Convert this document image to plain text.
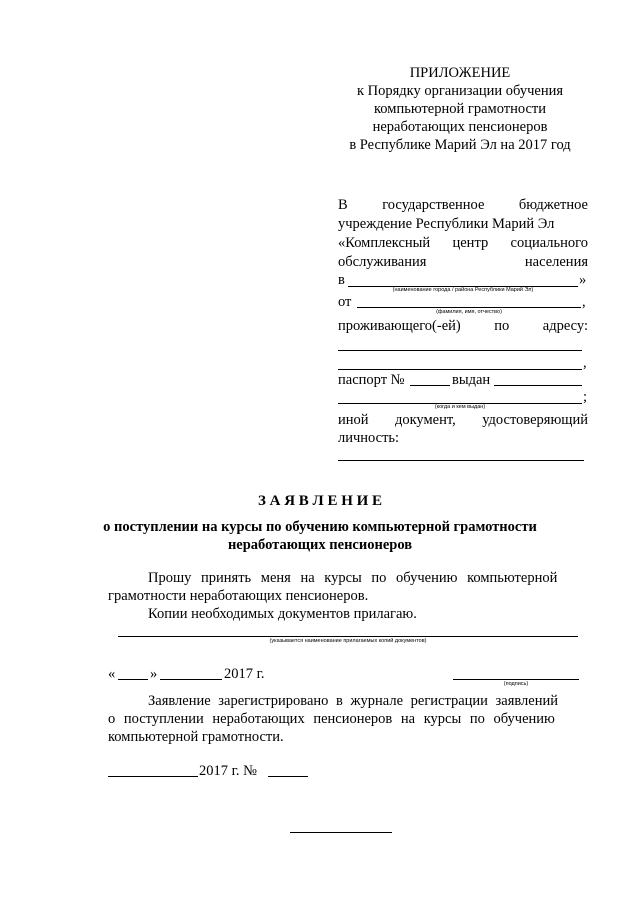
ПРИЛОЖЕНИЕ
к Порядку организации обучения
компьютерной грамотности
неработающих пенсионеров
в Республике Марий Эл на 2017 год
В государственное бюджетное
учреждение Республики Марий Эл
«Комплексный центр социального
обслуживания	населения
в	»
(наименование города / района Республики Марий Эл)
от	,
(фамилия, имя, отчество)
проживающего(-ей) по адресу:
,
паспорт №	выдан
;
(когда и кем выдан)
иной документ, удостоверяющий
личность:
З А Я В Л Е Н И Е
о поступлении на курсы по обучению компьютерной грамотности
неработающих пенсионеров
Прошу принять меня на курсы по обучению компьютерной
грамотности неработающих пенсионеров.
Копии необходимых документов прилагаю.
(указывается наименование прилагаемых копий документов)
« »	2017 г.
(подпись)
Заявление зарегистрировано в журнале регистрации заявлений
о поступлении неработающих пенсионеров на курсы по обучению
компьютерной грамотности.
2017 г. №
